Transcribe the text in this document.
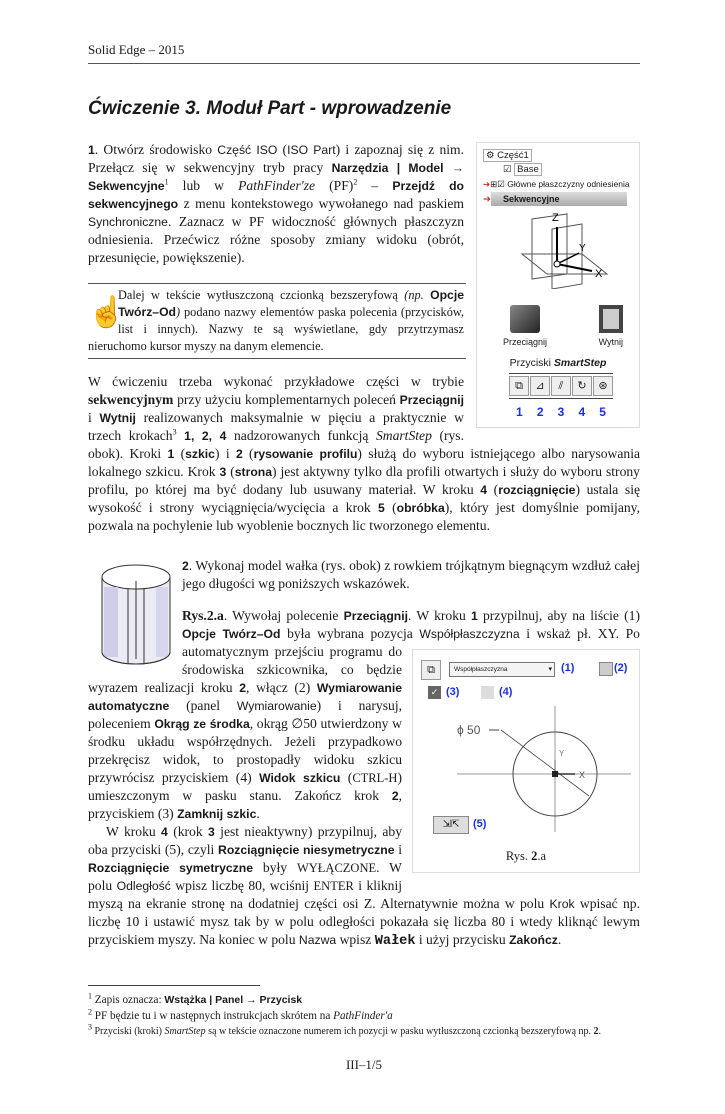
Solid Edge – 2015
Ćwiczenie 3. Moduł Part - wprowadzenie
⚙ Część1
☑ Base
➔⊞☑ Główne płaszczyzny odniesienia
➔ Sekwencyjne
Z
Y
X
Przeciągnij	Wytnij
Przyciski SmartStep
⧉	⊿	⫽	↻	⊛
1 2 3 4 5

1. Otwórz środowisko Część ISO (ISO Part) i zapoznaj się z nim. Przełącz się w sekwencyjny tryb pracy Narzędzia | Model → Sekwencyjne$^1$ lub w PathFinder'ze (PF)$^2$ – Przejdź do sekwencyjnego z menu kontekstowego wywołanego nad paskiem Synchroniczne. Zaznacz w PF widoczność głównych płaszczyzn odniesienia. Przećwicz różne sposoby zmiany widoku (obrót, przesunięcie, powiększenie).

☝

Dalej w tekście wytłuszczoną czcionką bezszeryfową (np. Opcje Twórz–Od) podano nazwy elementów paska polecenia (przycisków, list i innych). Nazwy te są wyświetlane, gdy przytrzymasz nieruchomo kursor myszy na danym elemencie.

W ćwiczeniu trzeba wykonać przykładowe części w trybie sekwencyjnym przy użyciu komplementarnych poleceń Przeciągnij i Wytnij realizowanych maksymalnie w pięciu a praktycznie w trzech krokach$^3$ 1, 2, 4 nadzorowanych funkcją SmartStep (rys. obok). Kroki 1 (szkic) i 2 (rysowanie profilu) służą do wyboru istniejącego albo narysowania lokalnego szkicu. Krok 3 (strona) jest aktywny tylko dla profili otwartych i służy do wyboru strony profilu, po której ma być dodany lub usuwany materiał. W kroku 4 (rozciągnięcie) ustala się wysokość i strony wyciągnięcia/wycięcia a krok 5 (obróbka), który jest domyślnie pomijany, pozwala na pochylenie lub wyoblenie bocznych lic tworzonego elementu.

2. Wykonaj model wałka (rys. obok) z rowkiem trójkątnym biegnącym wzdłuż całej jego długości wg poniższych wskazówek.

Rys.2.a. Wywołaj polecenie Przeciągnij. W kroku 1 przypilnuj, aby na liście (1) Opcje Twórz–Od była wybrana pozycja Współpłaszczyzna i wskaż pł. XY. Po automatycznym
⧉	Współpłaszczyzna	▾ (1)	(2)
✓ (3)	(4)
ϕ 50
X
Y
⇲⇱	(5)
Rys. 2.a
przejściu programu do środowiska szkicownika, co będzie wyrazem realizacji kroku 2, włącz (2) Wymiarowanie automatyczne (panel Wymiarowanie) i narysuj, poleceniem Okrąg ze środka, okrąg ∅50 utwierdzony w środku układu współrzędnych. Jeżeli przypadkowo przekręcisz widok, to prostopadły widoku szkicu przywrócisz przyciskiem (4) Widok szkicu (CTRL-H) umieszczonym w pasku stanu. Zakończ krok 2, przyciskiem (3) Zamknij szkic.

W kroku 4 (krok 3 jest nieaktywny) przypilnuj, aby oba przyciski (5), czyli Rozciągnięcie niesymetryczne i Rozciągnięcie symetryczne były WYŁĄCZONE. W polu Odległość wpisz liczbę 80, wciśnij ENTER i kliknij myszą na ekranie stronę na dodatniej części osi Z. Alternatywnie można w polu Krok wpisać np. liczbę 10 i ustawić mysz tak by w polu odległości pokazała się liczba 80 i wtedy kliknąć lewym przyciskiem myszy. Na koniec w polu Nazwa wpisz Wałek i użyj przycisku Zakończ.

$^1$ Zapis oznacza: Wstążka | Panel → Przycisk

$^2$ PF będzie tu i w następnych instrukcjach skrótem na PathFinder'a

$^3$ Przyciski (kroki) SmartStep są w tekście oznaczone numerem ich pozycji w pasku wytłuszczoną czcionką bezszeryfową np. 2.

III–1/5
